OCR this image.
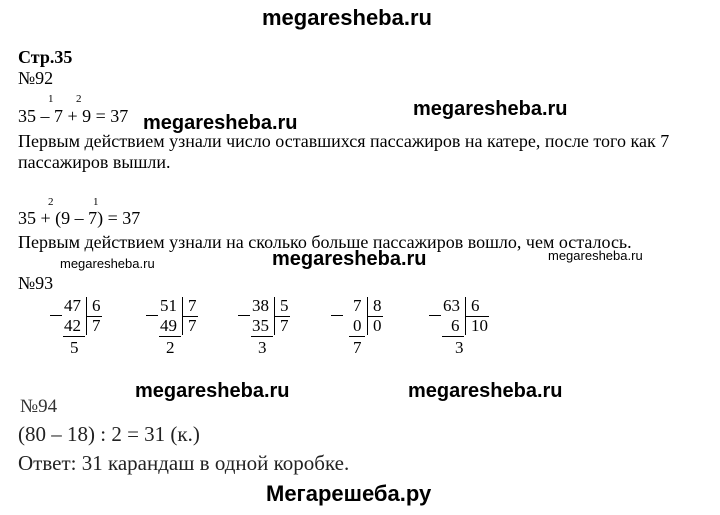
megaresheba.ru
megaresheba.ru
megaresheba.ru
megaresheba.ru	megaresheba.ru	megaresheba.ru
megaresheba.ru	megaresheba.ru
Мегарешеба.ру
Стр.35
№92
1 2
35 – 7 + 9 = 37
Первым действием узнали число оставшихся пассажиров на катере, после того как 7
пассажиров вышли.
2	1
35 + (9 – 7) = 37
Первым действием узнали на сколько больше пассажиров вошло, чем осталось.
№93
47 6
42 7
5
51 7
49 7
2
38 5
35 7
3
7 8
0 0
7
63 6
6 10
3
№94
(80 – 18) : 2 = 31 (к.)
Ответ: 31 карандаш в одной коробке.
